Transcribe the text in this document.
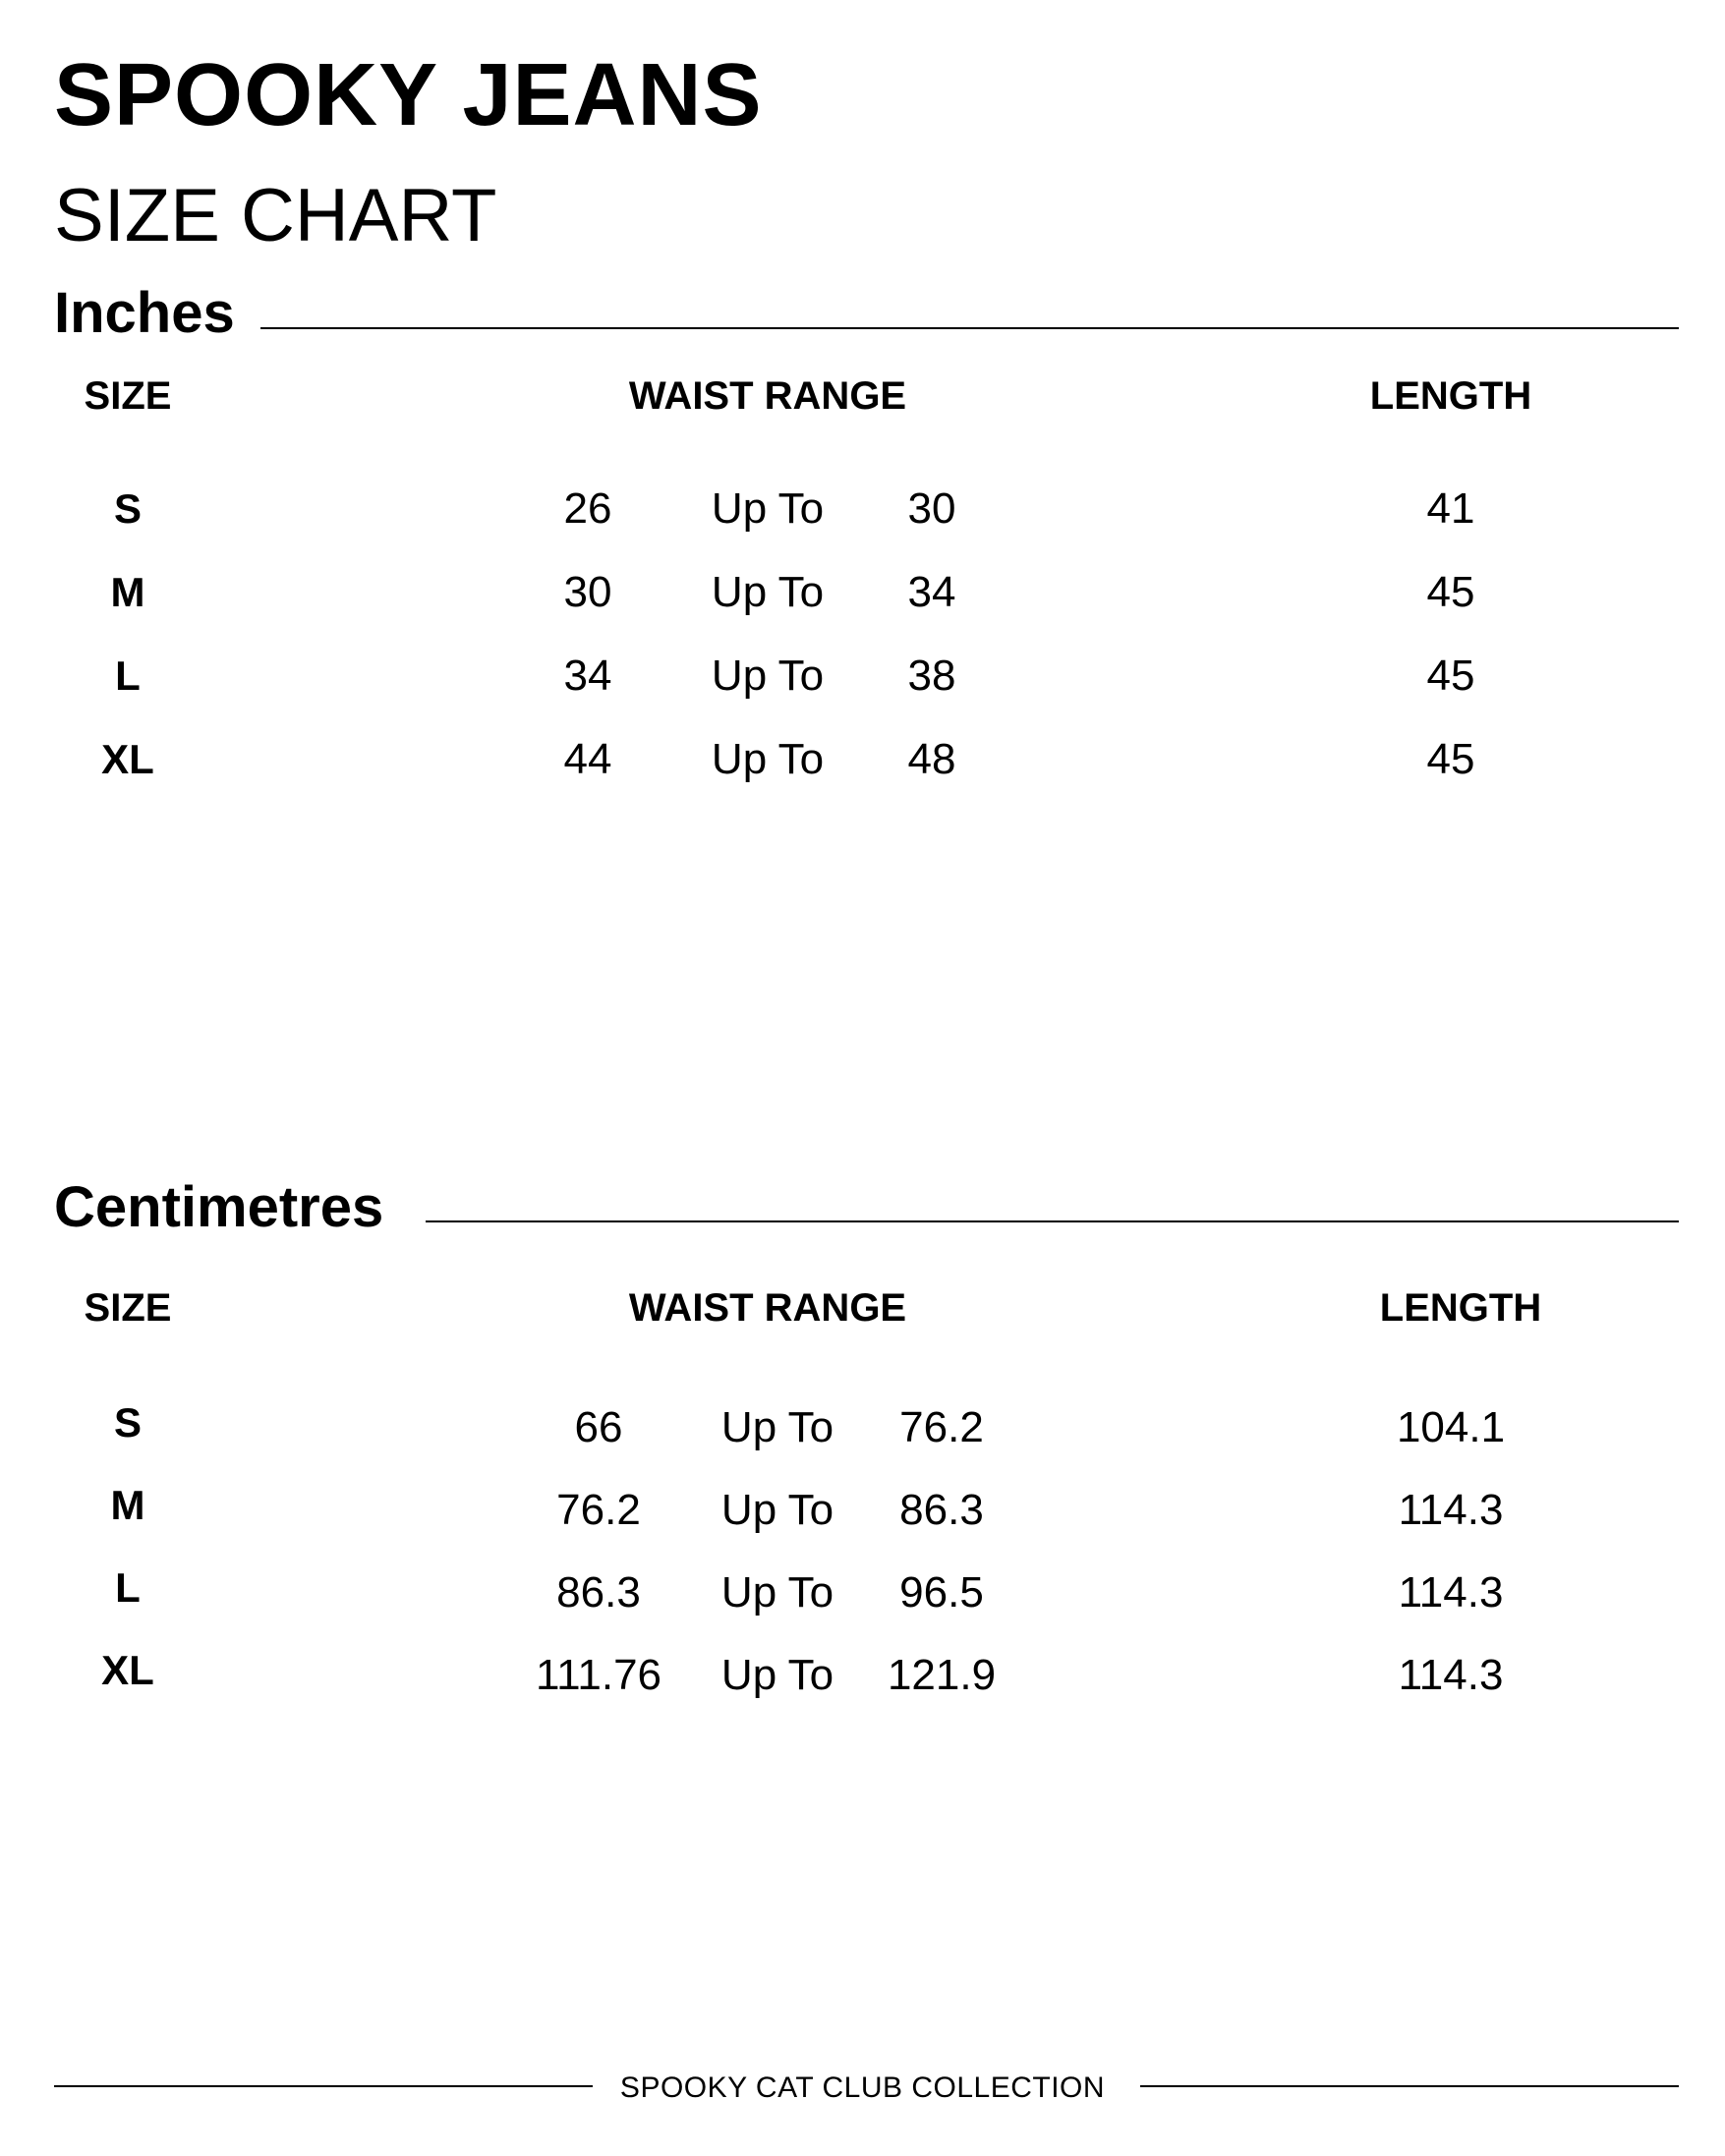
SPOOKY JEANS
SIZE CHART
Inches
SIZE	WAIST RANGE	LENGTH
S	26 Up To 30	41
M	30 Up To 34	45
L	34 Up To 38	45
XL	44 Up To 48	45
Centimetres
SIZE	WAIST RANGE	LENGTH
S	66 Up To 76.2	104.1
M	76.2 Up To 86.3	114.3
L	86.3 Up To 96.5	114.3
XL	111.76 Up To 121.9	114.3
SPOOKY CAT CLUB COLLECTION
